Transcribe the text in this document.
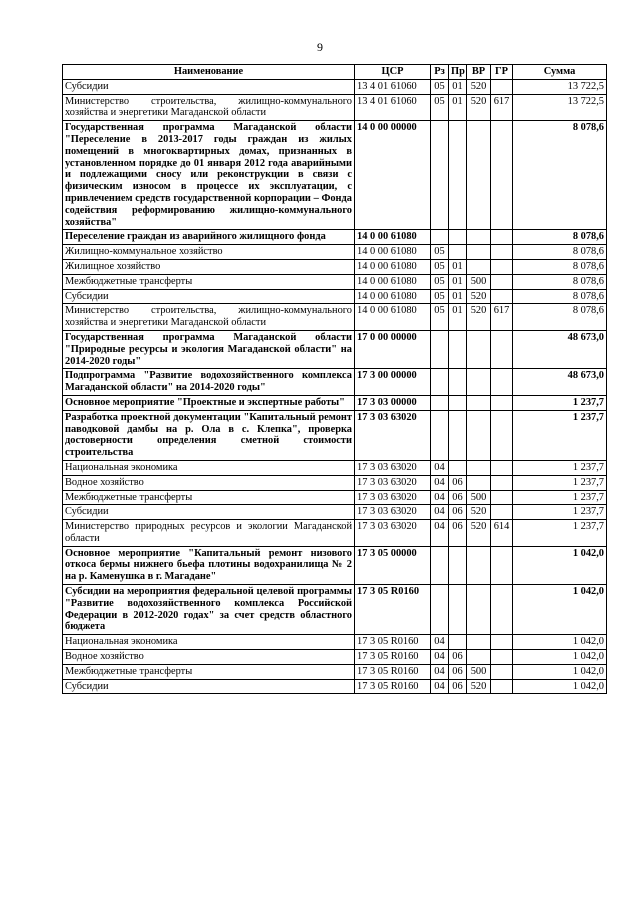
9
Наименование	ЦСР	Рз	Пр	ВР	ГР	Сумма
Субсидии	13 4 01 61060	05	01	520		13 722,5
Министерство строительства, жилищно-коммунального хозяйства и энергетики Магаданской области	13 4 01 61060	05	01	520	617	13 722,5
Государственная программа Магаданской области "Переселение в 2013-2017 годы граждан из жилых помещений в многоквартирных домах, признанных в установленном порядке до 01 января 2012 года аварийными и подлежащими сносу или реконструкции в связи с физическим износом в процессе их эксплуатации, с привлечением средств государственной корпорации – Фонда содействия реформированию жилищно-коммунального хозяйства"	14 0 00 00000					8 078,6
Переселение граждан из аварийного жилищного фонда	14 0 00 61080					8 078,6
Жилищно-коммунальное хозяйство	14 0 00 61080	05				8 078,6
Жилищное хозяйство	14 0 00 61080	05	01			8 078,6
Межбюджетные трансферты	14 0 00 61080	05	01	500		8 078,6
Субсидии	14 0 00 61080	05	01	520		8 078,6
Министерство строительства, жилищно-коммунального хозяйства и энергетики Магаданской области	14 0 00 61080	05	01	520	617	8 078,6
Государственная программа Магаданской области "Природные ресурсы и экология Магаданской области" на 2014-2020 годы"	17 0 00 00000					48 673,0
Подпрограмма "Развитие водохозяйственного комплекса Магаданской области" на 2014-2020 годы"	17 3 00 00000					48 673,0
Основное мероприятие "Проектные и экспертные работы"	17 3 03 00000					1 237,7
Разработка проектной документации "Капитальный ремонт паводковой дамбы на р. Ола в с. Клепка", проверка достоверности определения сметной стоимости строительства	17 3 03 63020					1 237,7
Национальная экономика	17 3 03 63020	04				1 237,7
Водное хозяйство	17 3 03 63020	04	06			1 237,7
Межбюджетные трансферты	17 3 03 63020	04	06	500		1 237,7
Субсидии	17 3 03 63020	04	06	520		1 237,7
Министерство природных ресурсов и экологии Магаданской области	17 3 03 63020	04	06	520	614	1 237,7
Основное мероприятие "Капитальный ремонт низового откоса бермы нижнего бьефа плотины водохранилища № 2 на р. Каменушка в г. Магадане"	17 3 05 00000					1 042,0
Субсидии на мероприятия федеральной целевой программы "Развитие водохозяйственного комплекса Российской Федерации в 2012-2020 годах" за счет средств областного бюджета	17 3 05 R0160					1 042,0
Национальная экономика	17 3 05 R0160	04				1 042,0
Водное хозяйство	17 3 05 R0160	04	06			1 042,0
Межбюджетные трансферты	17 3 05 R0160	04	06	500		1 042,0
Субсидии	17 3 05 R0160	04	06	520		1 042,0
